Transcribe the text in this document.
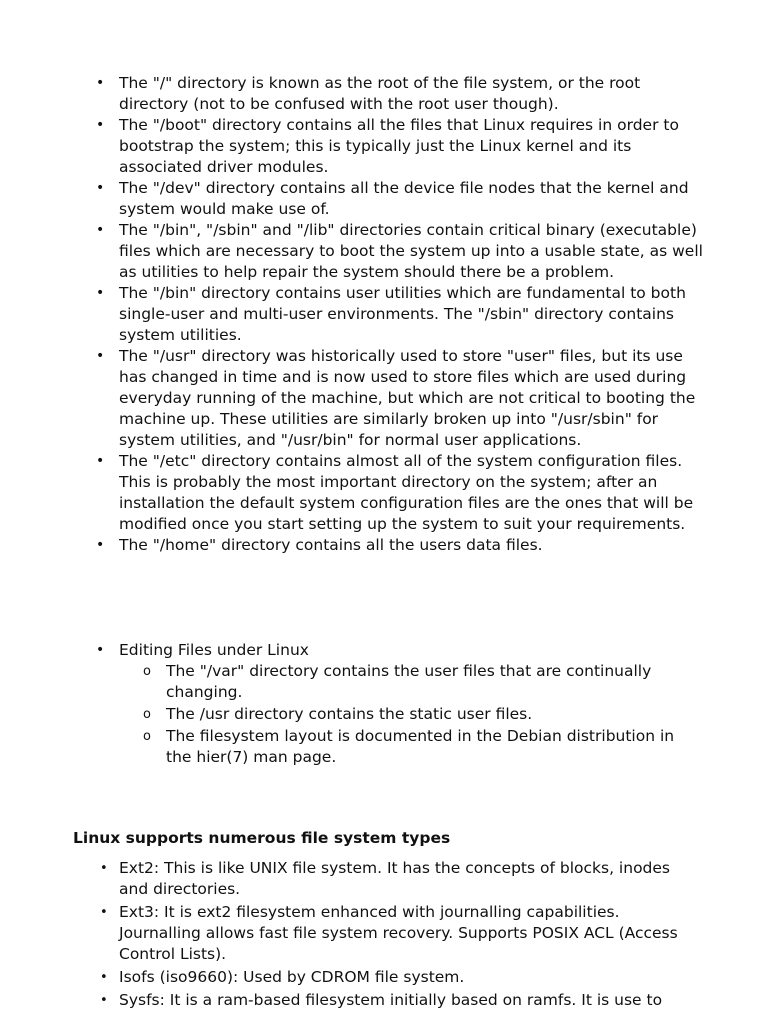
• The "/" directory is known as the root of the file system, or the root directory (not to be confused with the root user though).
• The "/boot" directory contains all the files that Linux requires in order to bootstrap the system; this is typically just the Linux kernel and its associated driver modules.
• The "/dev" directory contains all the device file nodes that the kernel and system would make use of.
• The "/bin", "/sbin" and "/lib" directories contain critical binary (executable) files which are necessary to boot the system up into a usable state, as well as utilities to help repair the system should there be a problem.
• The "/bin" directory contains user utilities which are fundamental to both single-user and multi-user environments. The "/sbin" directory contains system utilities.
• The "/usr" directory was historically used to store "user" files, but its use has changed in time and is now used to store files which are used during everyday running of the machine, but which are not critical to booting the machine up. These utilities are similarly broken up into "/usr/sbin" for system utilities, and "/usr/bin" for normal user applications.
• The "/etc" directory contains almost all of the system configuration files. This is probably the most important directory on the system; after an installation the default system configuration files are the ones that will be modified once you start setting up the system to suit your requirements.
• The "/home" directory contains all the users data files.
• Editing Files under Linux
o The "/var" directory contains the user files that are continually changing.
o The /usr directory contains the static user files.
o The filesystem layout is documented in the Debian distribution in the hier(7) man page.
Linux supports numerous file system types
• Ext2: This is like UNIX file system. It has the concepts of blocks, inodes and directories.
• Ext3: It is ext2 filesystem enhanced with journalling capabilities. Journalling allows fast file system recovery. Supports POSIX ACL (Access Control Lists).
• Isofs (iso9660): Used by CDROM file system.
• Sysfs: It is a ram-based filesystem initially based on ramfs. It is use to
